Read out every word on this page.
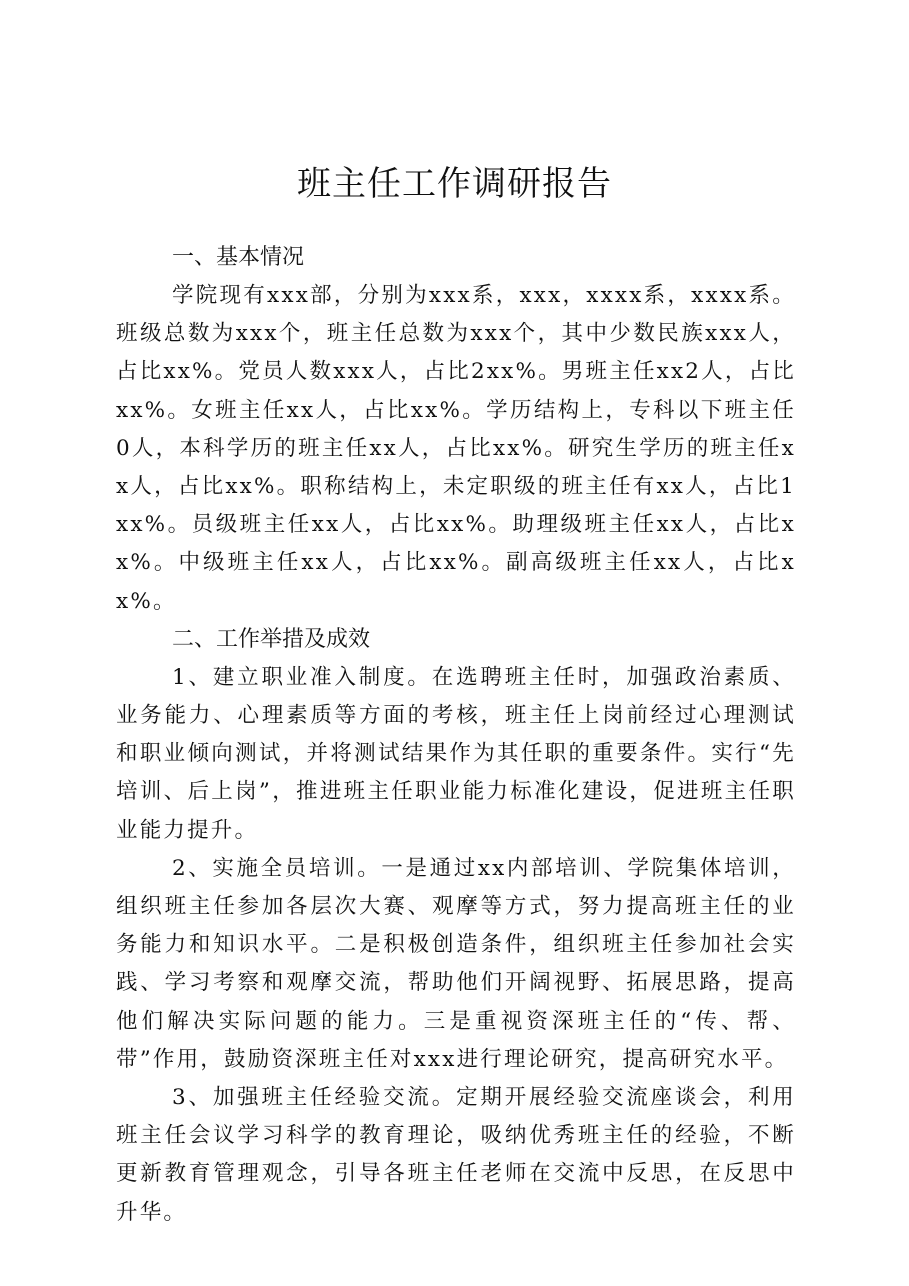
班主任工作调研报告
一、基本情况

学院现有xxx部，分别为xxx系，xxx，xxxx系，xxxx系。班级总数为xxx个，班主任总数为xxx个，其中少数民族xxx人，占比xx%。党员人数xxx人，占比2xx%。男班主任xx2人，占比xx%。女班主任xx人，占比xx%。学历结构上，专科以下班主任0人，本科学历的班主任xx人，占比xx%。研究生学历的班主任xx人，占比xx%。职称结构上，未定职级的班主任有xx人，占比1xx%。员级班主任xx人，占比xx%。助理级班主任xx人，占比xx%。中级班主任xx人，占比xx%。副高级班主任xx人，占比xx%。

二、工作举措及成效

1、建立职业准入制度。在选聘班主任时，加强政治素质、业务能力、心理素质等方面的考核，班主任上岗前经过心理测试和职业倾向测试，并将测试结果作为其任职的重要条件。实行“先培训、后上岗”，推进班主任职业能力标准化建设，促进班主任职业能力提升。

2、实施全员培训。一是通过xx内部培训、学院集体培训，组织班主任参加各层次大赛、观摩等方式，努力提高班主任的业务能力和知识水平。二是积极创造条件，组织班主任参加社会实践、学习考察和观摩交流，帮助他们开阔视野、拓展思路，提高他们解决实际问题的能力。三是重视资深班主任的“传、帮、带”作用，鼓励资深班主任对xxx进行理论研究，提高研究水平。

3、加强班主任经验交流。定期开展经验交流座谈会，利用班主任会议学习科学的教育理论，吸纳优秀班主任的经验，不断更新教育管理观念，引导各班主任老师在交流中反思，在反思中升华。
